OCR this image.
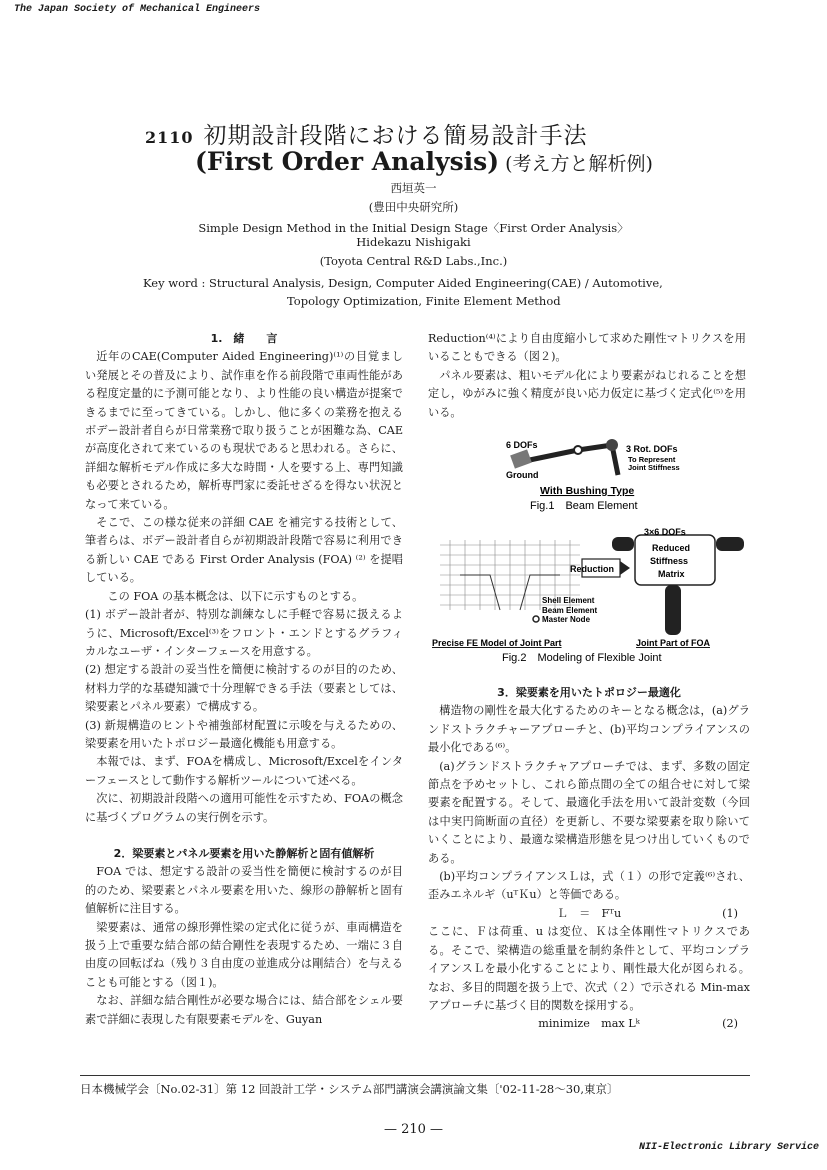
The Japan Society of Mechanical Engineers
2110 初期設計段階における簡易設計手法
(First Order Analysis) (考え方と解析例)
西垣英一
(豊田中央研究所)
Simple Design Method in the Initial Design Stage〈First Order Analysis〉
Hidekazu Nishigaki
(Toyota Central R&D Labs.,Inc.)
Key word : Structural Analysis, Design, Computer Aided Engineering(CAE) / Automotive,
Topology Optimization, Finite Element Method

1.　緒　　言

近年のCAE(Computer Aided Engineering)⁽¹⁾の目覚ましい発展とその普及により、試作車を作る前段階で車両性能がある程度定量的に予測可能となり、より性能の良い構造が提案できるまでに至ってきている。しかし、他に多くの業務を抱えるボデー設計者自らが日常業務で取り扱うことが困難な為、CAEが高度化されて来ているのも現状であると思われる。さらに、詳細な解析モデル作成に多大な時間・人を要する上、専門知識も必要とされるため，解析専門家に委託せざるを得ない状況となって来ている。

そこで、この様な従来の詳細 CAE を補完する技術として、筆者らは、ボデー設計者自らが初期設計段階で容易に利用できる新しい CAE である First Order Analysis (FOA) ⁽²⁾ を提唱している。

この FOA の基本概念は、以下に示すものとする。

(1) ボデー設計者が、特別な訓練なしに手軽で容易に扱えるように、Microsoft/Excel⁽³⁾をフロント・エンドとするグラフィカルなユーザ・インターフェースを用意する。

(2) 想定する設計の妥当性を簡便に検討するのが目的のため、材料力学的な基礎知識で十分理解できる手法（要素としては、梁要素とパネル要素）で構成する。

(3) 新規構造のヒントや補強部材配置に示唆を与えるための、梁要素を用いたトポロジー最適化機能も用意する。

本報では、まず、FOAを構成し、Microsoft/Excelをインターフェースとして動作する解析ツールについて述べる。

次に、初期設計段階への適用可能性を示すため、FOAの概念に基づくプログラムの実行例を示す。

2．梁要素とパネル要素を用いた静解析と固有値解析

FOA では、想定する設計の妥当性を簡便に検討するのが目的のため、梁要素とパネル要素を用いた、線形の静解析と固有値解析に注目する。

梁要素は、通常の線形弾性梁の定式化に従うが、車両構造を扱う上で重要な結合部の結合剛性を表現するため、一端に３自由度の回転ばね（残り３自由度の並進成分は剛結合）を与えることも可能とする（図１)。

なお、詳細な結合剛性が必要な場合には、結合部をシェル要素で詳細に表現した有限要素モデルを、Guyan

Reduction⁽⁴⁾により自由度縮小して求めた剛性マトリクスを用いることもできる（図２)。

パネル要素は、粗いモデル化により要素がねじれることを想定し，ゆがみに強く精度が良い応力仮定に基づく定式化⁽⁵⁾を用いる。

6 DOFs
Ground
3 Rot. DOFs
To Represent
Joint Stiffness
With Bushing Type
Fig.1　Beam Element
Reduction
3×6 DOFs
Reduced
Stiffness
Matrix
Shell Element
Beam Element
Master Node
Precise FE Model of Joint Part	Joint Part of FOA
Fig.2　Modeling of Flexible Joint

3．梁要素を用いたトポロジー最適化

構造物の剛性を最大化するためのキーとなる概念は，(a)グランドストラクチャーアプローチと、(b)平均コンプライアンスの最小化である⁽⁶⁾。

(a)グランドストラクチャアプローチでは、まず、多数の固定節点を予めセットし、これら節点間の全ての組合せに対して梁要素を配置する。そして、最適化手法を用いて設計変数（今回は中実円筒断面の直径）を更新し、不要な梁要素を取り除いていくことにより、最適な梁構造形態を見つけ出していくものである。

(b)平均コンプライアンスＬは，式（１）の形で定義⁽⁶⁾され、歪みエネルギ（uᵀＫu）と等価である。

Ｌ　＝　Fᵀu	(1)

ここに、Ｆは荷重、u は変位、Ｋは全体剛性マトリクスである。そこで、梁構造の総重量を制約条件として、平均コンプライアンスＬを最小化することにより、剛性最大化が図られる。なお、多目的問題を扱う上で、次式（２）で示される Min-max アプローチに基づく目的関数を採用する。

minimize　max Lᵏ	(2)

日本機械学会〔No.02-31〕第 12 回設計工学・システム部門講演会講演論文集〔'02-11-28〜30,東京〕
— 210 —
NII-Electronic Library Service
